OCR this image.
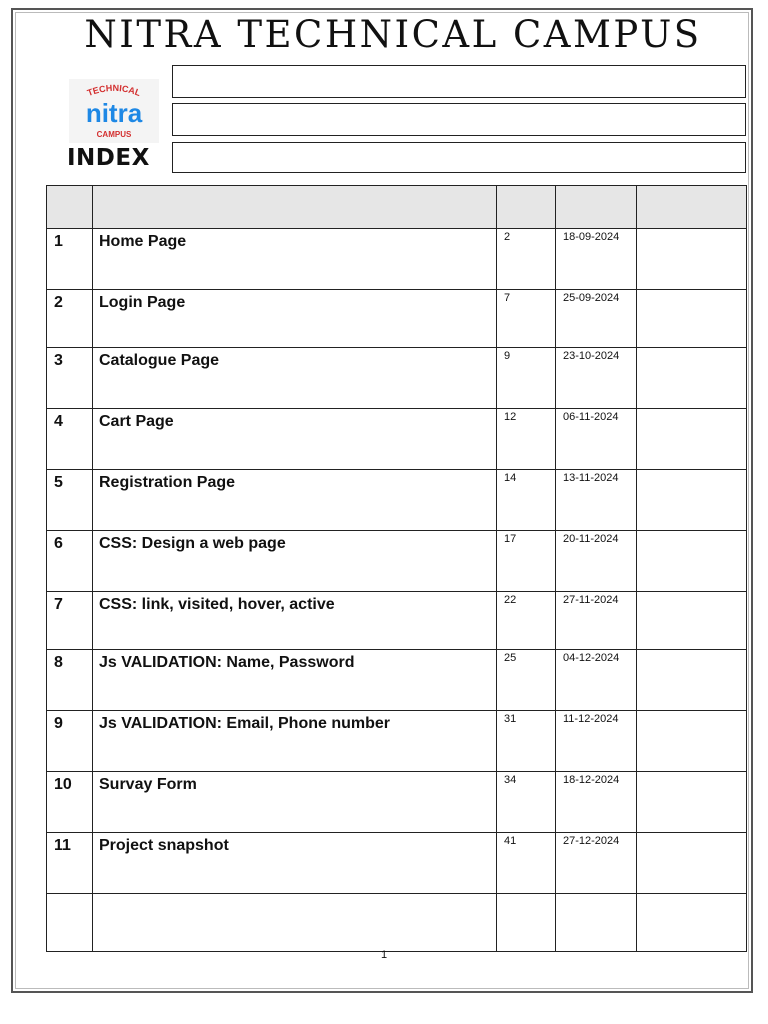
NITRA TECHNICAL CAMPUS
TECHNICAL
nitra
CAMPUS
INDEX

1	Home Page	2	18-09-2024	
2	Login Page	7	25-09-2024	
3	Catalogue Page	9	23-10-2024	
4	Cart Page	12	06-11-2024	
5	Registration Page	14	13-11-2024	
6	CSS: Design a web page	17	20-11-2024	
7	CSS: link, visited, hover, active	22	27-11-2024	
8	Js VALIDATION: Name, Password	25	04-12-2024	
9	Js VALIDATION: Email, Phone number	31	11-12-2024	
10	Survay Form	34	18-12-2024	
11	Project snapshot	41	27-12-2024	

1
